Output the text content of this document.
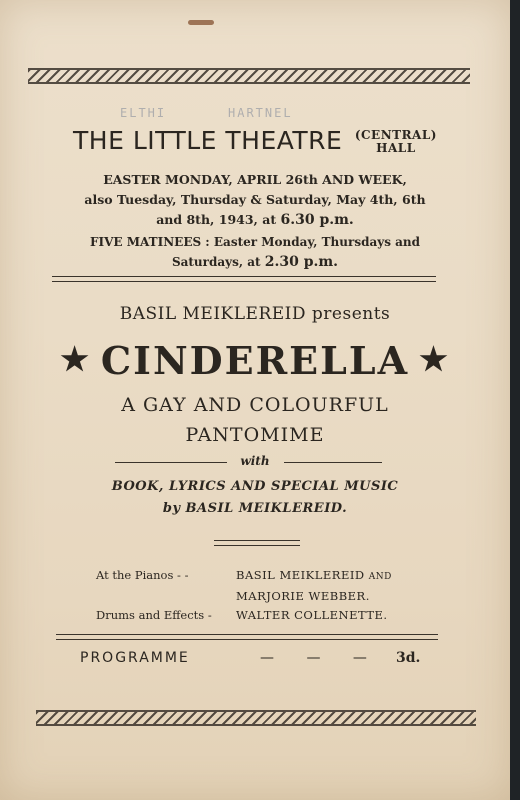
ELTHI	HARTNEL
THE LITTLE THEATRE (CENTRAL)
HALL
EASTER MONDAY, APRIL 26th AND WEEK,
also Tuesday, Thursday & Saturday, May 4th, 6th
and 8th, 1943, at 6.30 p.m.
FIVE MATINEES : Easter Monday, Thursdays and
Saturdays, at 2.30 p.m.
BASIL MEIKLEREID presents
★ CINDERELLA ★
A GAY AND COLOURFUL
PANTOMIME
with
BOOK, LYRICS AND SPECIAL MUSIC
by BASIL MEIKLEREID.
At the Pianos - -	BASIL MEIKLEREID AND
MARJORIE WEBBER.
Drums and Effects - WALTER COLLENETTE.
PROGRAMME	— — — 3d.
